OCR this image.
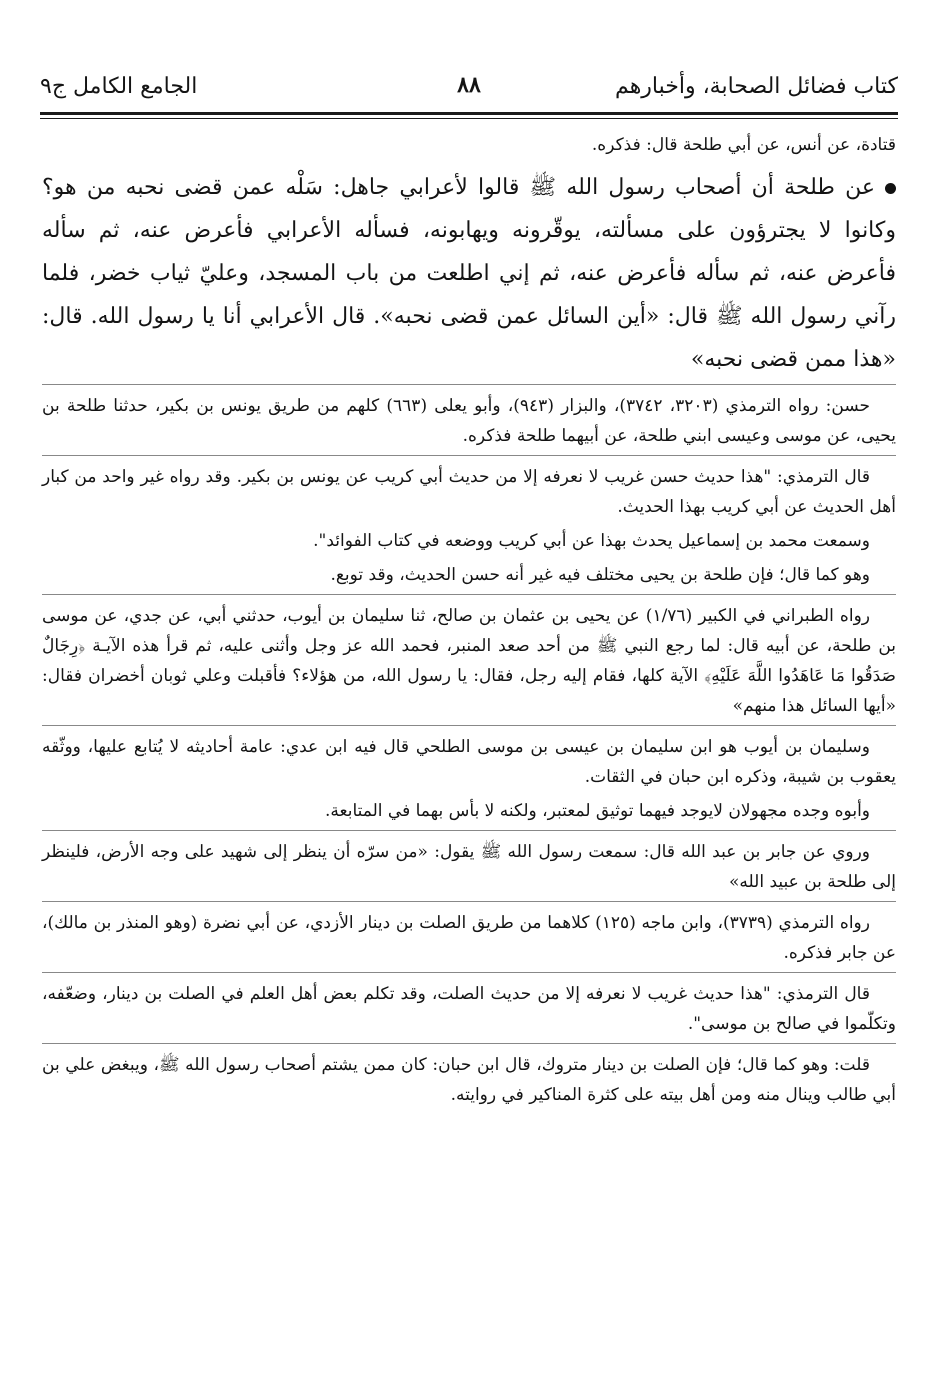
كتاب فضائل الصحابة، وأخبارهم
٨٨
الجامع الكامل ج٩

قتادة، عن أنس، عن أبي طلحة قال: فذكره.

عن طلحة أن أصحاب رسول الله ﷺ قالوا لأعرابي جاهل: سَلْه عمن قضى نحبه من هو؟ وكانوا لا يجترؤون على مسألته، يوقّرونه ويهابونه، فسأله الأعرابي فأعرض عنه، ثم سأله فأعرض عنه، ثم سأله فأعرض عنه، ثم إني اطلعت من باب المسجد، وعليّ ثياب خضر، فلما رآني رسول الله ﷺ قال: «أين السائل عمن قضى نحبه». قال الأعرابي أنا يا رسول الله. قال: «هذا ممن قضى نحبه»

حسن: رواه الترمذي (٣٢٠٣، ٣٧٤٢)، والبزار (٩٤٣)، وأبو يعلى (٦٦٣) كلهم من طريق يونس بن بكير، حدثنا طلحة بن يحيى، عن موسى وعيسى ابني طلحة، عن أبيهما طلحة فذكره.

قال الترمذي: "هذا حديث حسن غريب لا نعرفه إلا من حديث أبي كريب عن يونس بن بكير. وقد رواه غير واحد من كبار أهل الحديث عن أبي كريب بهذا الحديث.

وسمعت محمد بن إسماعيل يحدث بهذا عن أبي كريب ووضعه في كتاب الفوائد".

وهو كما قال؛ فإن طلحة بن يحيى مختلف فيه غير أنه حسن الحديث، وقد توبع.

رواه الطبراني في الكبير (١/٧٦) عن يحيى بن عثمان بن صالح، ثنا سليمان بن أيوب، حدثني أبي، عن جدي، عن موسى بن طلحة، عن أبيه قال: لما رجع النبي ﷺ من أحد صعد المنبر، فحمد الله عز وجل وأثنى عليه، ثم قرأ هذه الآيـة ﴿رِجَالٌ صَدَقُوا مَا عَاهَدُوا اللَّهَ عَلَيْهِ﴾ الآية كلها، فقام إليه رجل، فقال: يا رسول الله، من هؤلاء؟ فأقبلت وعلي ثوبان أخضران فقال: «أيها السائل هذا منهم»

وسليمان بن أيوب هو ابن سليمان بن عيسى بن موسى الطلحي قال فيه ابن عدي: عامة أحاديثه لا يُتابع عليها، ووثّقه يعقوب بن شيبة، وذكره ابن حبان في الثقات.

وأبوه وجده مجهولان لايوجد فيهما توثيق لمعتبر، ولكنه لا بأس بهما في المتابعة.

وروي عن جابر بن عبد الله قال: سمعت رسول الله ﷺ يقول: «من سرّه أن ينظر إلى شهيد على وجه الأرض، فلينظر إلى طلحة بن عبيد الله»

رواه الترمذي (٣٧٣٩)، وابن ماجه (١٢٥) كلاهما من طريق الصلت بن دينار الأزدي، عن أبي نضرة (وهو المنذر بن مالك)، عن جابر فذكره.

قال الترمذي: "هذا حديث غريب لا نعرفه إلا من حديث الصلت، وقد تكلم بعض أهل العلم في الصلت بن دينار، وضعّفه، وتكلّموا في صالح بن موسى".

قلت: وهو كما قال؛ فإن الصلت بن دينار متروك، قال ابن حبان: كان ممن يشتم أصحاب رسول الله ﷺ، ويبغض علي بن أبي طالب وينال منه ومن أهل بيته على كثرة المناكير في روايته.
